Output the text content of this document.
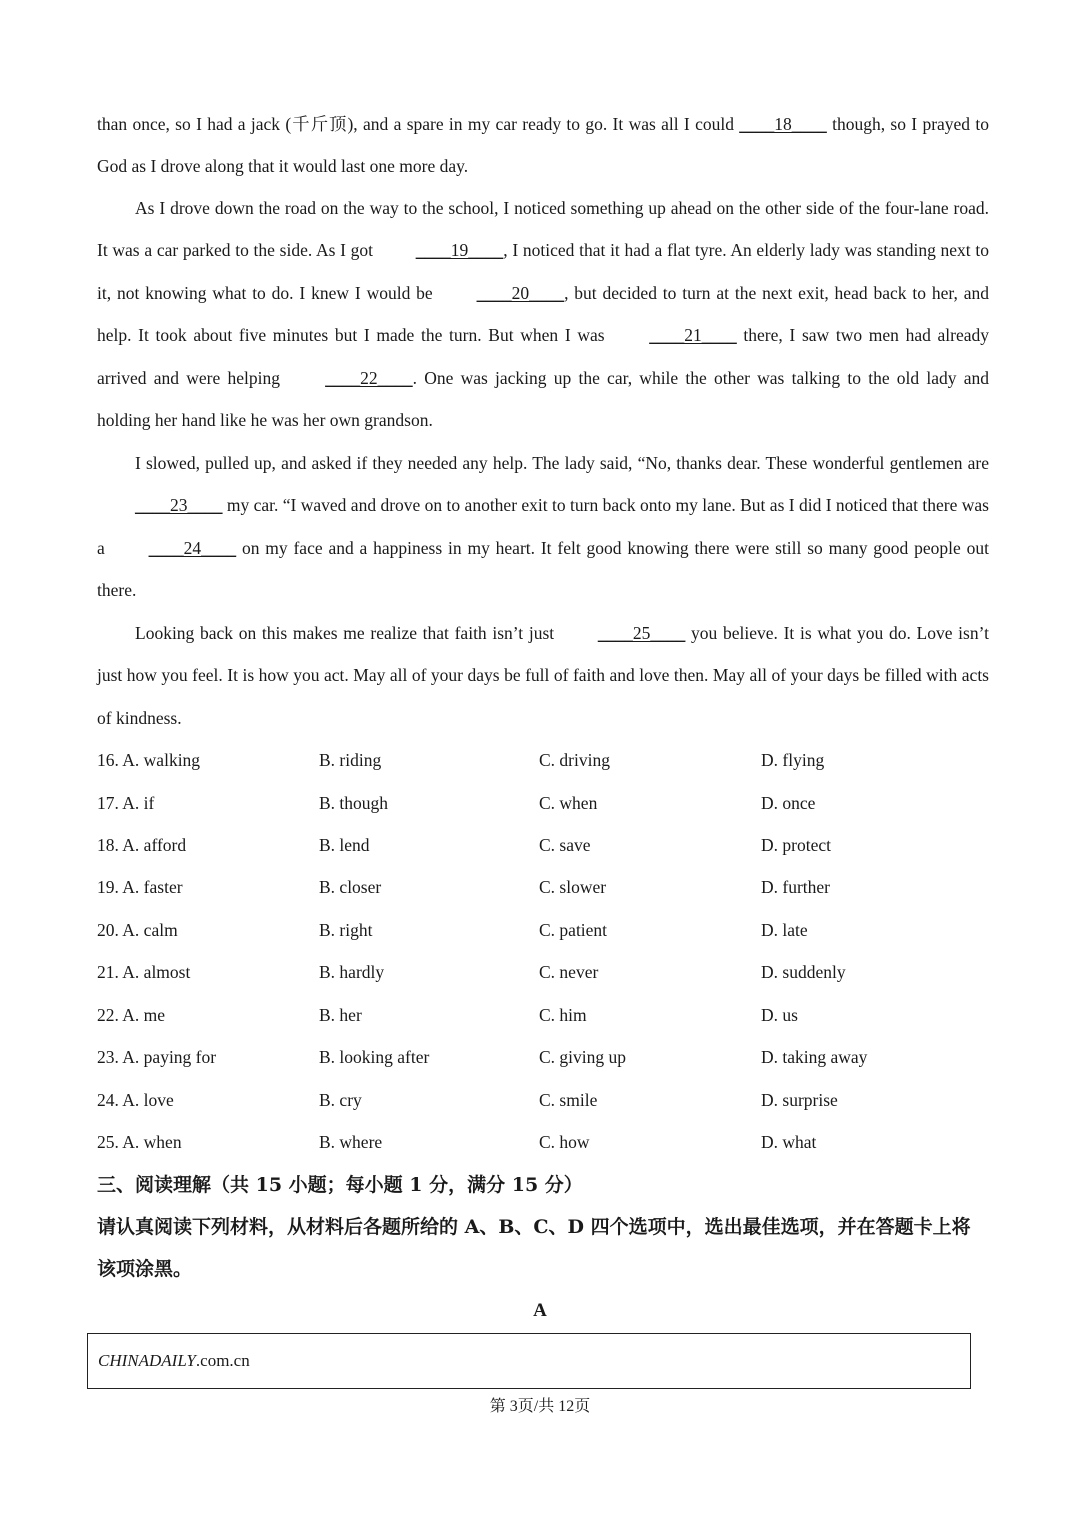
than once, so I had a jack (千斤顶), and a spare in my car ready to go. It was all I could ____18____ though, so I prayed to God as I drove along that it would last one more day.

As I drove down the road on the way to the school, I noticed something up ahead on the other side of the four-lane road. It was a car parked to the side. As I got ____19____, I noticed that it had a flat tyre. An elderly lady was standing next to it, not knowing what to do. I knew I would be ____20____, but decided to turn at the next exit, head back to her, and help. It took about five minutes but I made the turn. But when I was ____21____ there, I saw two men had already arrived and were helping ____22____. One was jacking up the car, while the other was talking to the old lady and holding her hand like he was her own grandson.

I slowed, pulled up, and asked if they needed any help. The lady said, “No, thanks dear. These wonderful gentlemen are ____23____ my car. “I waved and drove on to another exit to turn back onto my lane. But as I did I noticed that there was a ____24____ on my face and a happiness in my heart. It felt good knowing there were still so many good people out there.

Looking back on this makes me realize that faith isn’t just ____25____ you believe. It is what you do. Love isn’t just how you feel. It is how you act. May all of your days be full of faith and love then. May all of your days be filled with acts of kindness.

16. A. walking	B. riding	C. driving	D. flying
17. A. if	B. though	C. when	D. once
18. A. afford	B. lend	C. save	D. protect
19. A. faster	B. closer	C. slower	D. further
20. A. calm	B. right	C. patient	D. late
21. A. almost	B. hardly	C. never	D. suddenly
22. A. me	B. her	C. him	D. us
23. A. paying for	B. looking after	C. giving up	D. taking away
24. A. love	B. cry	C. smile	D. surprise
25. A. when	B. where	C. how	D. what

三、阅读理解（共 15 小题；每小题 1 分，满分 15 分）

请认真阅读下列材料，从材料后各题所给的 A、B、C、D 四个选项中，选出最佳选项，并在答题卡上将该项涂黑。

A
CHINADAILY.com.cn
第 3页/共 12页
